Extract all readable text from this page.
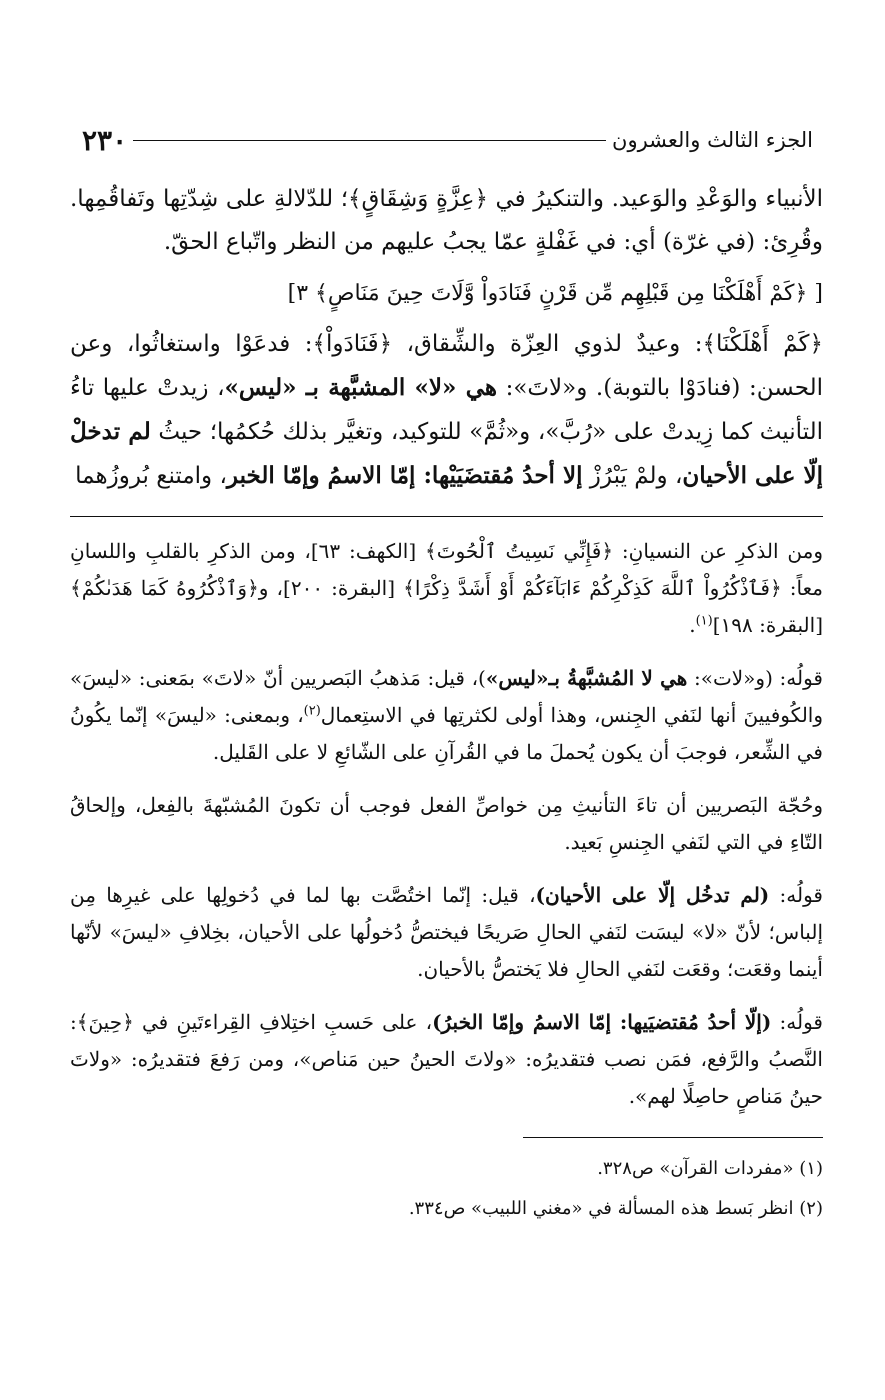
الجزء الثالث والعشرون
٢٣٠

الأنبياء والوَعْدِ والوَعيد. والتنكيرُ في ﴿عِزَّةٍ وَشِقَاقٍ﴾؛ للدّلالةِ على شِدّتِها وتَفاقُمِها. وقُرِئ: (في غرّة) أي: في غَفْلةٍ عمّا يجبُ عليهم من النظر واتّباع الحقّ.

[ ﴿كَمْ أَهْلَكْنَا مِن قَبْلِهِم مِّن قَرْنٍ فَنَادَواْ وَّلَاتَ حِينَ مَنَاصٍ﴾ ٣]

﴿كَمْ أَهْلَكْنَا﴾: وعيدٌ لذوي العِزّة والشِّقاق، ﴿فَنَادَواْ﴾: فدعَوْا واستغاثُوا، وعن الحسن: (فنادَوْا بالتوبة). و«لاتَ»: هي «لا» المشبَّهة بـ «ليس»، زيدتْ عليها تاءُ التأنيث كما زِيدتْ على «رُبَّ»، و«ثُمَّ» للتوكيد، وتغيَّر بذلك حُكمُها؛ حيثُ لم تدخلْ إلّا على الأحيان، ولمْ يَبْرُزْ إلا أحدُ مُقتضَيَيْها: إمّا الاسمُ وإمّا الخبر، وامتنع بُروزُهما

ومن الذكرِ عن النسيانِ: ﴿فَإِنِّي نَسِيتُ ٱلْحُوتَ﴾ [الكهف: ٦٣]، ومن الذكرِ بالقلبِ واللسانِ معاً: ﴿فَٱذْكُرُواْ ٱللَّهَ كَذِكْرِكُمْ ءَابَآءَكُمْ أَوْ أَشَدَّ ذِكْرًا﴾ [البقرة: ٢٠٠]، و﴿وَٱذْكُرُوهُ كَمَا هَدَىٰكُمْ﴾ [البقرة: ١٩٨]$^{(١)}$.

قولُه: (و«لات»: هي لا المُشبَّهةُ بـ«ليس»)، قيل: مَذهبُ البَصريين أنّ «لاتَ» بمَعنى: «ليسَ» والكُوفيينَ أنها لنَفي الجِنس، وهذا أولى لكثرتِها في الاستِعمال$^{(٢)}$، وبمعنى: «ليسَ» إنّما يكُونُ في الشِّعر، فوجبَ أن يكون يُحملَ ما في القُرآنِ على الشّائعِ لا على القَليل.

وحُجّة البَصريين أن تاءَ التأنيثِ مِن خواصِّ الفعل فوجب أن تكونَ المُشبّهةَ بالفِعل، وإلحاقُ التّاءِ في التي لنَفي الجِنسِ بَعيد.

قولُه: (لم تدخُل إلّا على الأحيان)، قيل: إنّما اختُصَّت بها لما في دُخولِها على غيرِها مِن إلباس؛ لأنّ «لا» ليسَت لنَفي الحالِ صَريحًا فيختصُّ دُخولُها على الأحيان، بخِلافِ «ليسَ» لأنّها أينما وقعَت؛ وقعَت لنَفي الحالِ فلا يَختصُّ بالأحيان.

قولُه: (إلّا أحدُ مُقتضيَيها: إمّا الاسمُ وإمّا الخبرُ)، على حَسبِ اختِلافِ القِراءتَينِ في ﴿حِينَ﴾: النَّصبُ والرَّفع، فمَن نصب فتقديرُه: «ولاتَ الحينُ حين مَناص»، ومن رَفعَ فتقديرُه: «ولاتَ حينُ مَناصٍ حاصِلًا لهم».

(١) «مفردات القرآن» ص٣٢٨.

(٢) انظر بَسط هذه المسألة في «مغني اللبيب» ص٣٣٤.
